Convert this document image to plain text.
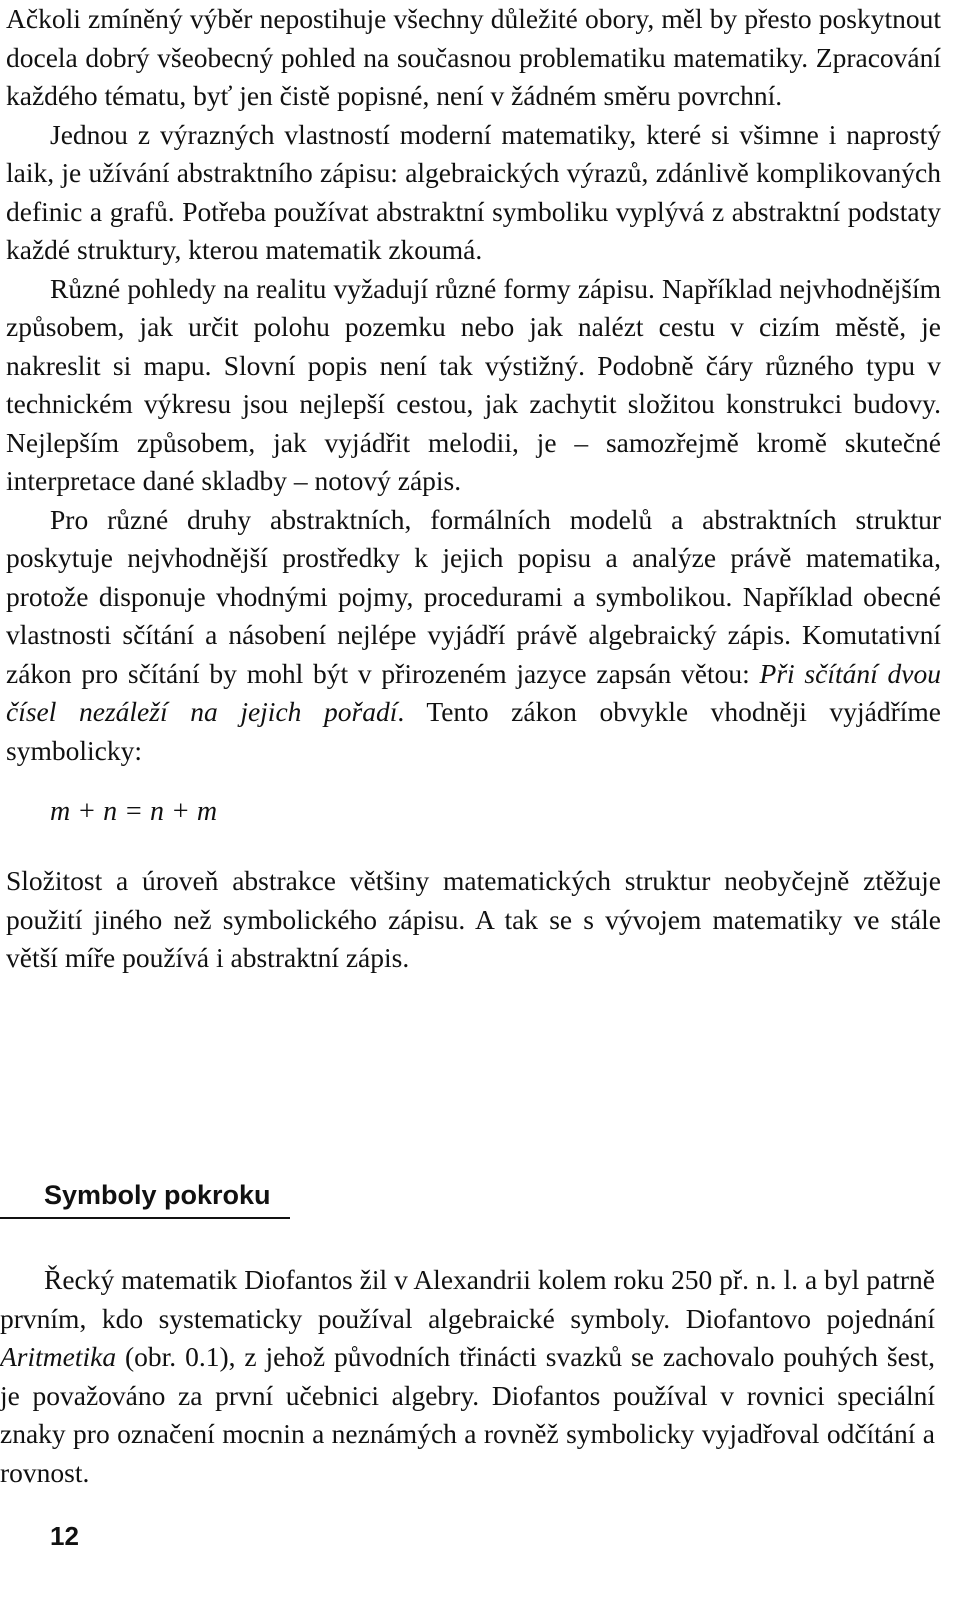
Ačkoli zmíněný výběr nepostihuje všechny důležité obory, měl by přesto poskytnout docela dobrý všeobecný pohled na současnou problematiku matematiky. Zpracování každého tématu, byť jen čistě popisné, není v žádném směru povrchní.

Jednou z výrazných vlastností moderní matematiky, které si všimne i naprostý laik, je užívání abstraktního zápisu: algebraických výrazů, zdánlivě komplikovaných definic a grafů. Potřeba používat abstraktní symboliku vyplývá z abstraktní podstaty každé struktury, kterou matematik zkoumá.

Různé pohledy na realitu vyžadují různé formy zápisu. Například nejvhodnějším způsobem, jak určit polohu pozemku nebo jak nalézt cestu v cizím městě, je nakreslit si mapu. Slovní popis není tak výstižný. Podobně čáry různého typu v technickém výkresu jsou nejlepší cestou, jak zachytit složitou konstrukci budovy. Nejlepším způsobem, jak vyjádřit melodii, je – samozřejmě kromě skutečné interpretace dané skladby – notový zápis.

Pro různé druhy abstraktních, formálních modelů a abstraktních struktur poskytuje nejvhodnější prostředky k jejich popisu a analýze právě matematika, protože disponuje vhodnými pojmy, procedurami a symbolikou. Například obecné vlastnosti sčítání a násobení nejlépe vyjádří právě algebraický zápis. Komutativní zákon pro sčítání by mohl být v přirozeném jazyce zapsán větou: Při sčítání dvou čísel nezáleží na jejich pořadí. Tento zákon obvykle vhodněji vyjádříme symbolicky:

m + n = n + m

Složitost a úroveň abstrakce většiny matematických struktur neobyčejně ztěžuje použití jiného než symbolického zápisu. A tak se s vývojem matematiky ve stále větší míře používá i abstraktní zápis.

Symboly pokroku

Řecký matematik Diofantos žil v Alexandrii kolem roku 250 př. n. l. a byl patrně prvním, kdo systematicky používal algebraické symboly. Diofantovo pojednání Aritmetika (obr. 0.1), z jehož původních třinácti svazků se zachovalo pouhých šest, je považováno za první učebnici algebry. Diofantos používal v rovnici speciální znaky pro označení mocnin a neznámých a rovněž symbolicky vyjadřoval odčítání a rovnost.

12
